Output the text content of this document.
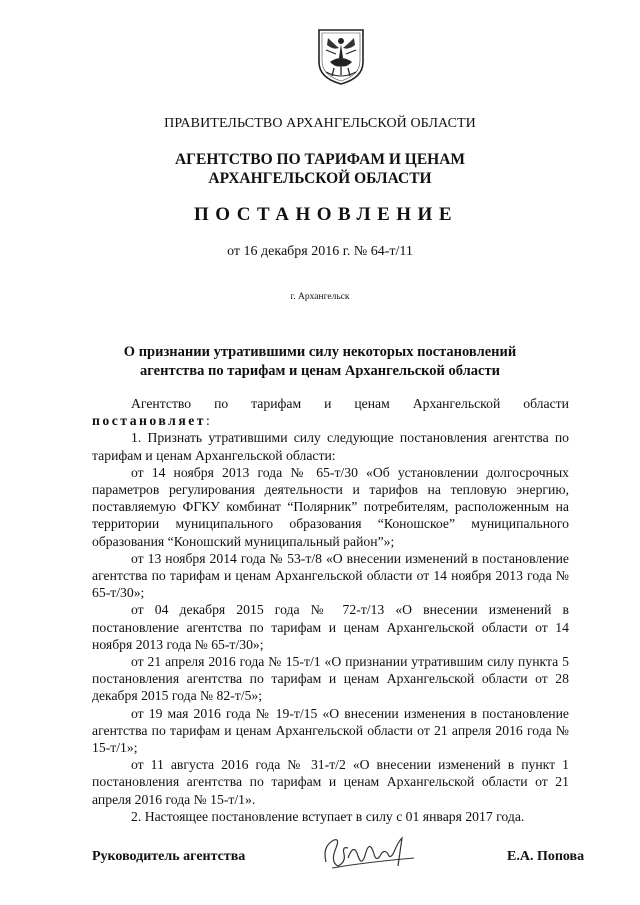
ПРАВИТЕЛЬСТВО АРХАНГЕЛЬСКОЙ ОБЛАСТИ
АГЕНТСТВО ПО ТАРИФАМ И ЦЕНАМ
АРХАНГЕЛЬСКОЙ ОБЛАСТИ
ПОСТАНОВЛЕНИЕ
от 16 декабря 2016 г. № 64-т/11
г. Архангельск
О признании утратившими силу некоторых постановлений
агентства по тарифам и ценам Архангельской области
Агентство по тарифам и ценам Архангельской области

постановляет:

1. Признать утратившими силу следующие постановления агентства по тарифам и ценам Архангельской области:

от 14 ноября 2013 года № 65-т/30 «Об установлении долгосрочных параметров регулирования деятельности и тарифов на тепловую энергию, поставляемую ФГКУ комбинат “Полярник” потребителям, расположенным на территории муниципального образования “Коношское” муниципального образования “Коношский муниципальный район”»;

от 13 ноября 2014 года № 53-т/8 «О внесении изменений в постановление агентства по тарифам и ценам Архангельской области от 14 ноября 2013 года № 65-т/30»;

от 04 декабря 2015 года № 72-т/13 «О внесении изменений в постановление агентства по тарифам и ценам Архангельской области от 14 ноября 2013 года № 65-т/30»;

от 21 апреля 2016 года № 15-т/1 «О признании утратившим силу пункта 5 постановления агентства по тарифам и ценам Архангельской области от 28 декабря 2015 года № 82-т/5»;

от 19 мая 2016 года № 19-т/15 «О внесении изменения в постановление агентства по тарифам и ценам Архангельской области от 21 апреля 2016 года № 15-т/1»;

от 11 августа 2016 года № 31-т/2 «О внесении изменений в пункт 1 постановления агентства по тарифам и ценам Архангельской области от 21 апреля 2016 года № 15-т/1».

2. Настоящее постановление вступает в силу с 01 января 2017 года.

Руководитель агентства	Е.А. Попова
